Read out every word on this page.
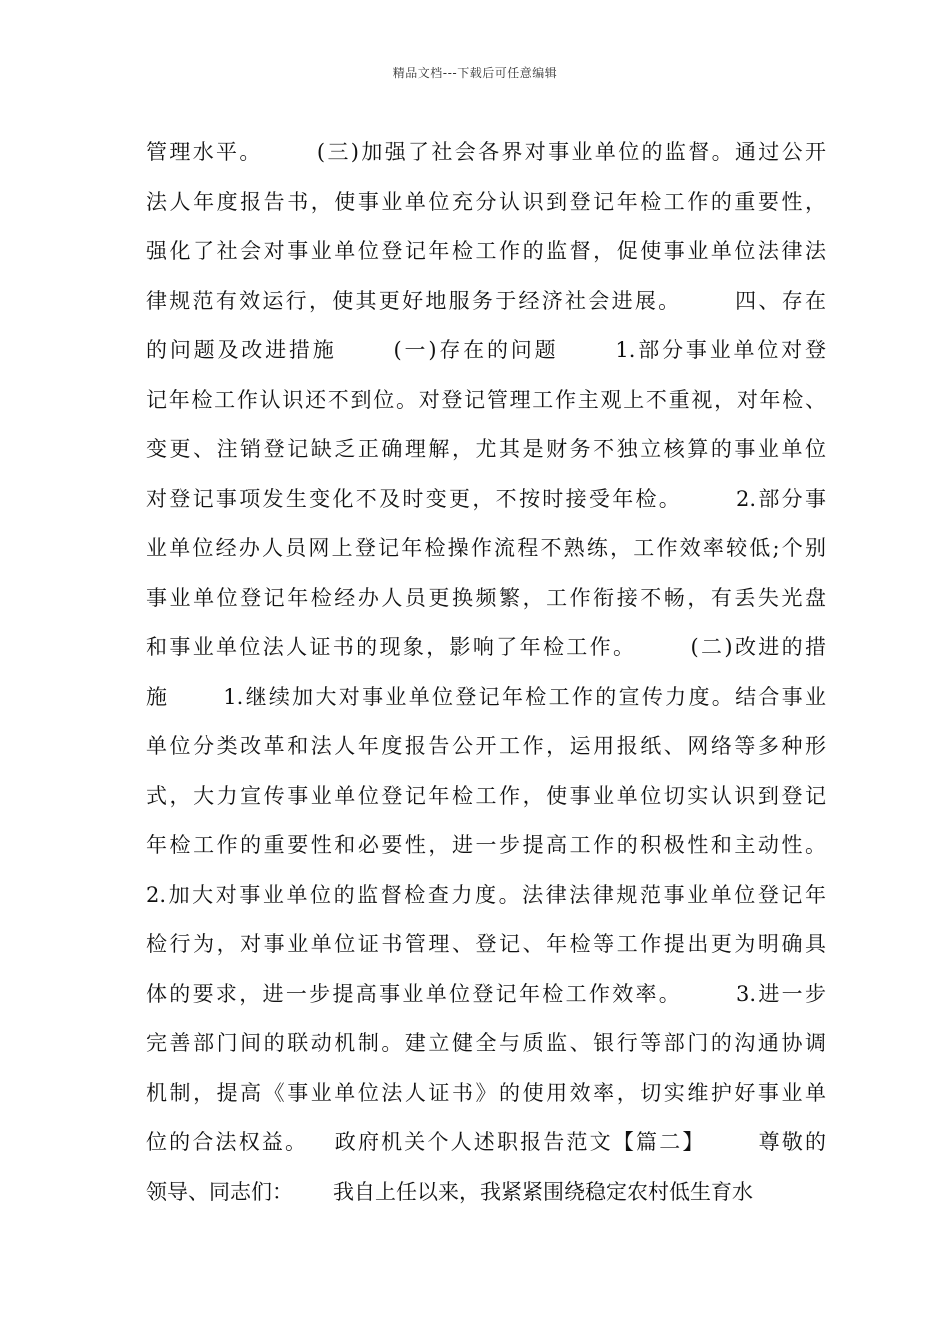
精品文档---下载后可任意编辑
管理水平。      (三)加强了社会各界对事业单位的监督。通过公开
法人年度报告书，使事业单位充分认识到登记年检工作的重要性，
强化了社会对事业单位登记年检工作的监督，促使事业单位法律法
律规范有效运行，使其更好地服务于经济社会进展。      四、存在
的问题及改进措施      (一)存在的问题      1.部分事业单位对登
记年检工作认识还不到位。对登记管理工作主观上不重视，对年检、
变更、注销登记缺乏正确理解，尤其是财务不独立核算的事业单位
对登记事项发生变化不及时变更，不按时接受年检。      2.部分事
业单位经办人员网上登记年检操作流程不熟练，工作效率较低;个别
事业单位登记年检经办人员更换频繁，工作衔接不畅，有丢失光盘
和事业单位法人证书的现象，影响了年检工作。      (二)改进的措
施      1.继续加大对事业单位登记年检工作的宣传力度。结合事业
单位分类改革和法人年度报告公开工作，运用报纸、网络等多种形
式，大力宣传事业单位登记年检工作，使事业单位切实认识到登记
年检工作的重要性和必要性，进一步提高工作的积极性和主动性。
2.加大对事业单位的监督检查力度。法律法律规范事业单位登记年
检行为，对事业单位证书管理、登记、年检等工作提出更为明确具
体的要求，进一步提高事业单位登记年检工作效率。      3.进一步
完善部门间的联动机制。建立健全与质监、银行等部门的沟通协调
机制，提高《事业单位法人证书》的使用效率，切实维护好事业单
位的合法权益。   政府机关个人述职报告范文【篇二】      尊敬的
领导、同志们：      我自上任以来，我紧紧围绕稳定农村低生育水
